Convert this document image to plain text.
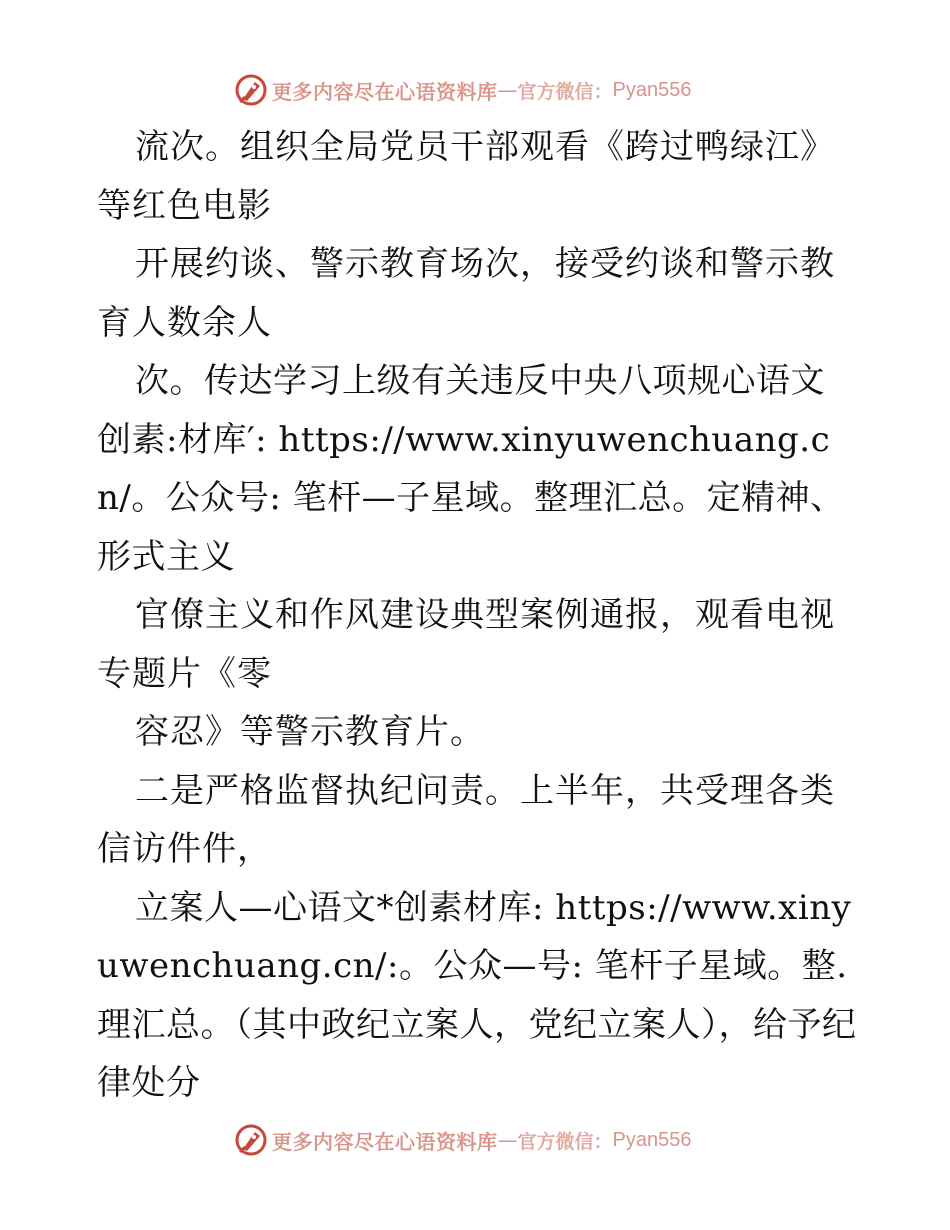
更多内容尽在心语资料库 — 官方微信： Pyan556

流次。组织全局党员干部观看《跨过鸭绿江》等红色电影

开展约谈、警示教育场次，接受约谈和警示教育人数余人

次。传达学习上级有关违反中央八项规心语文创素:材库′: https://www.xinyuwenchuang.cn/。公众号: 笔杆—子星域。整理汇总。定精神、形式主义

官僚主义和作风建设典型案例通报，观看电视专题片《零

容忍》等警示教育片。

二是严格监督执纪问责。上半年，共受理各类信访件件，

立案人—心语文*创素材库: https://www.xinyuwenchuang.cn/:。公众—号: 笔杆子星域。整.理汇总。（其中政纪立案人，党纪立案人），给予纪律处分

更多内容尽在心语资料库 — 官方微信： Pyan556
